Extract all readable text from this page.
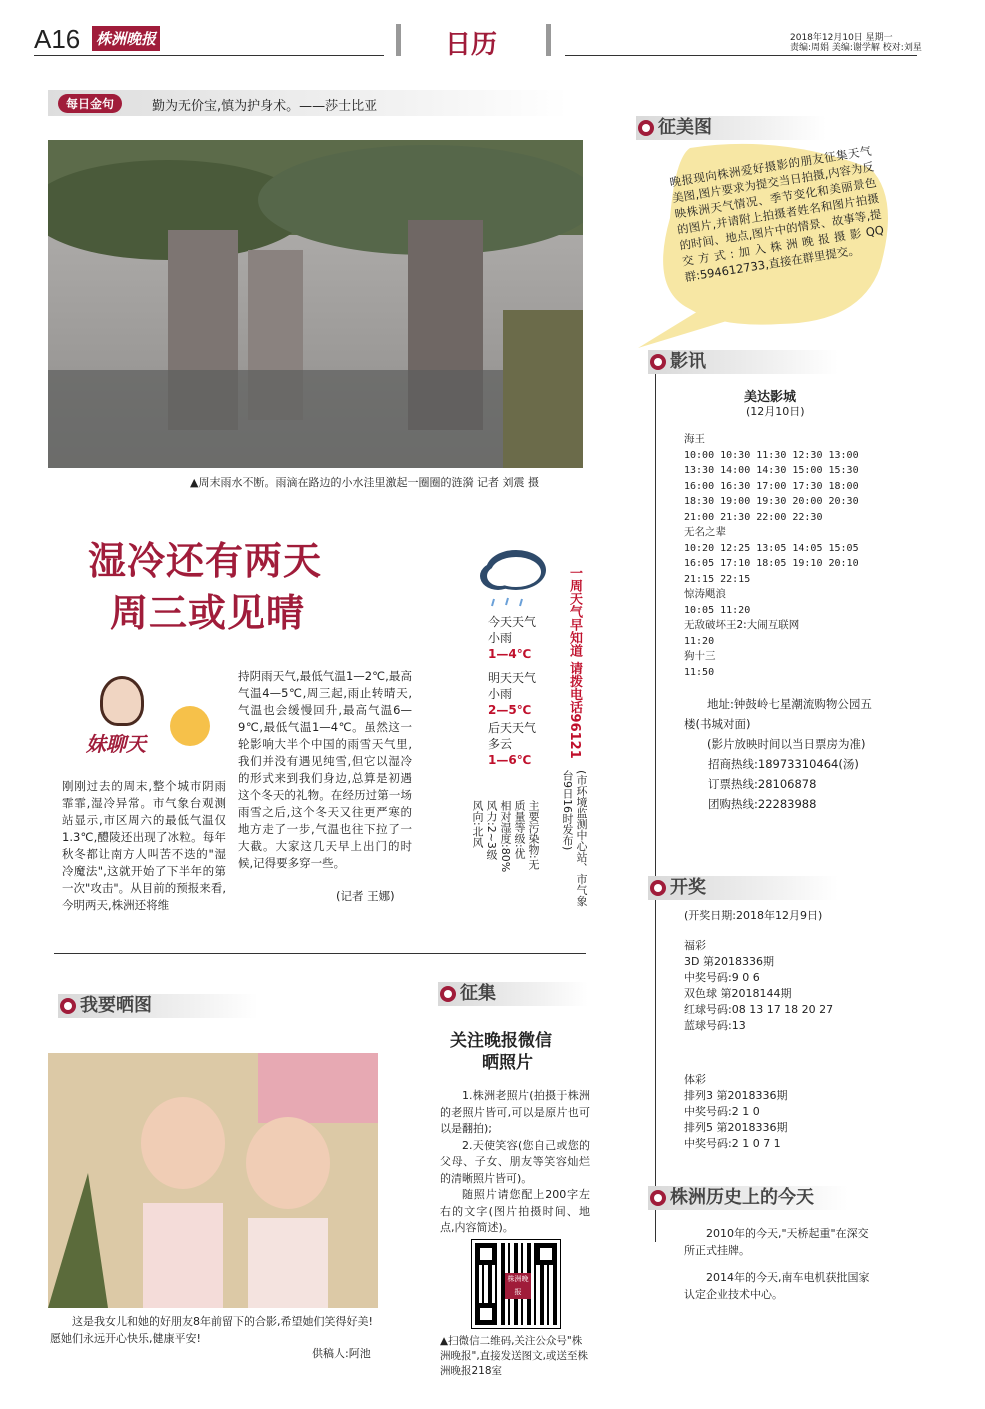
A16 株洲晚报	日历	2018年12月10日 星期一
责编:周娟 美编:谢学解 校对:刘星
每日金句	勤为无价宝,慎为护身术。——莎士比亚
▲周末雨水不断。雨滴在路边的小水洼里激起一圈圈的涟漪 记者 刘震 摄
湿冷还有两天
周三或见晴
妹聊天
刚刚过去的周末,整个城市阴雨霏霏,湿冷异常。市气象台观测站显示,市区周六的最低气温仅1.3℃,醴陵还出现了冰粒。每年秋冬都让南方人叫苦不迭的"湿冷魔法",这就开始了下半年的第一次"攻击"。从目前的预报来看,今明两天,株洲还将维
持阴雨天气,最低气温1—2℃,最高气温4—5℃,周三起,雨止转晴天,气温也会缓慢回升,最高气温6—9℃,最低气温1—4℃。虽然这一轮影响大半个中国的雨雪天气里,我们并没有遇见纯雪,但它以湿冷的形式来到我们身边,总算是初遇这个冬天的礼物。在经历过第一场雨雪之后,这个冬天又往更严寒的地方走了一步,气温也往下拉了一大截。大家这几天早上出门的时候,记得要多穿一些。
(记者 王娜)
今天天气
小雨
1—4℃
明天天气
小雨
2—5℃
后天天气
多云
1—6℃
一周天气早知道 请拨电话96121
(市环境监测中心站、市气象台9日16时发布)
主要污染物:无
质量等级:优
相对湿度:80%
风力:2~3级
风向:北风
征美图
晚报现向株洲爱好摄影的朋友征集天气美图,图片要求为提交当日拍摄,内容为反映株洲天气情况、季节变化和美丽景色的图片,并请附上拍摄者姓名和图片拍摄的时间、地点,图片中的情景、故事等,提交方式:加入株洲晚报摄影QQ群:594612733,直接在群里提交。
影讯
美达影城
(12月10日)
海王
10:00 10:30 11:30 12:30 13:00
13:30 14:00 14:30 15:00 15:30
16:00 16:30 17:00 17:30 18:00
18:30 19:00 19:30 20:00 20:30
21:00 21:30 22:00 22:30
无名之辈
10:20 12:25 13:05 14:05 15:05
16:05 17:10 18:05 19:10 20:10
21:15 22:15
惊涛飓浪
10:05 11:20
无敌破坏王2:大闹互联网
11:20
狗十三
11:50
地址:钟鼓岭七星潮流购物公园五楼(书城对面)
(影片放映时间以当日票房为准)
招商热线:18973310464(汤)
订票热线:28106878
团购热线:22283988
开奖
(开奖日期:2018年12月9日)
福彩
3D 第2018336期
中奖号码:9 0 6
双色球 第2018144期
红球号码:08 13 17 18 20 27
蓝球号码:13
体彩
排列3 第2018336期
中奖号码:2 1 0
排列5 第2018336期
中奖号码:2 1 0 7 1
株洲历史上的今天
2010年的今天,"天桥起重"在深交所正式挂牌。
2014年的今天,南车电机获批国家认定企业技术中心。
我要晒图
这是我女儿和她的好朋友8年前留下的合影,希望她们笑得好美!愿她们永远开心快乐,健康平安!
供稿人:阿池
征集
关注晚报微信
晒照片
1.株洲老照片(拍摄于株洲的老照片皆可,可以是原片也可以是翻拍);
2.天使笑容(您自己或您的父母、子女、朋友等笑容灿烂的清晰照片皆可)。
随照片请您配上200字左右的文字(图片拍摄时间、地点,内容简述)。
株洲晚报
▲扫微信二维码,关注公众号"株洲晚报",直接发送图文,或送至株洲晚报218室
